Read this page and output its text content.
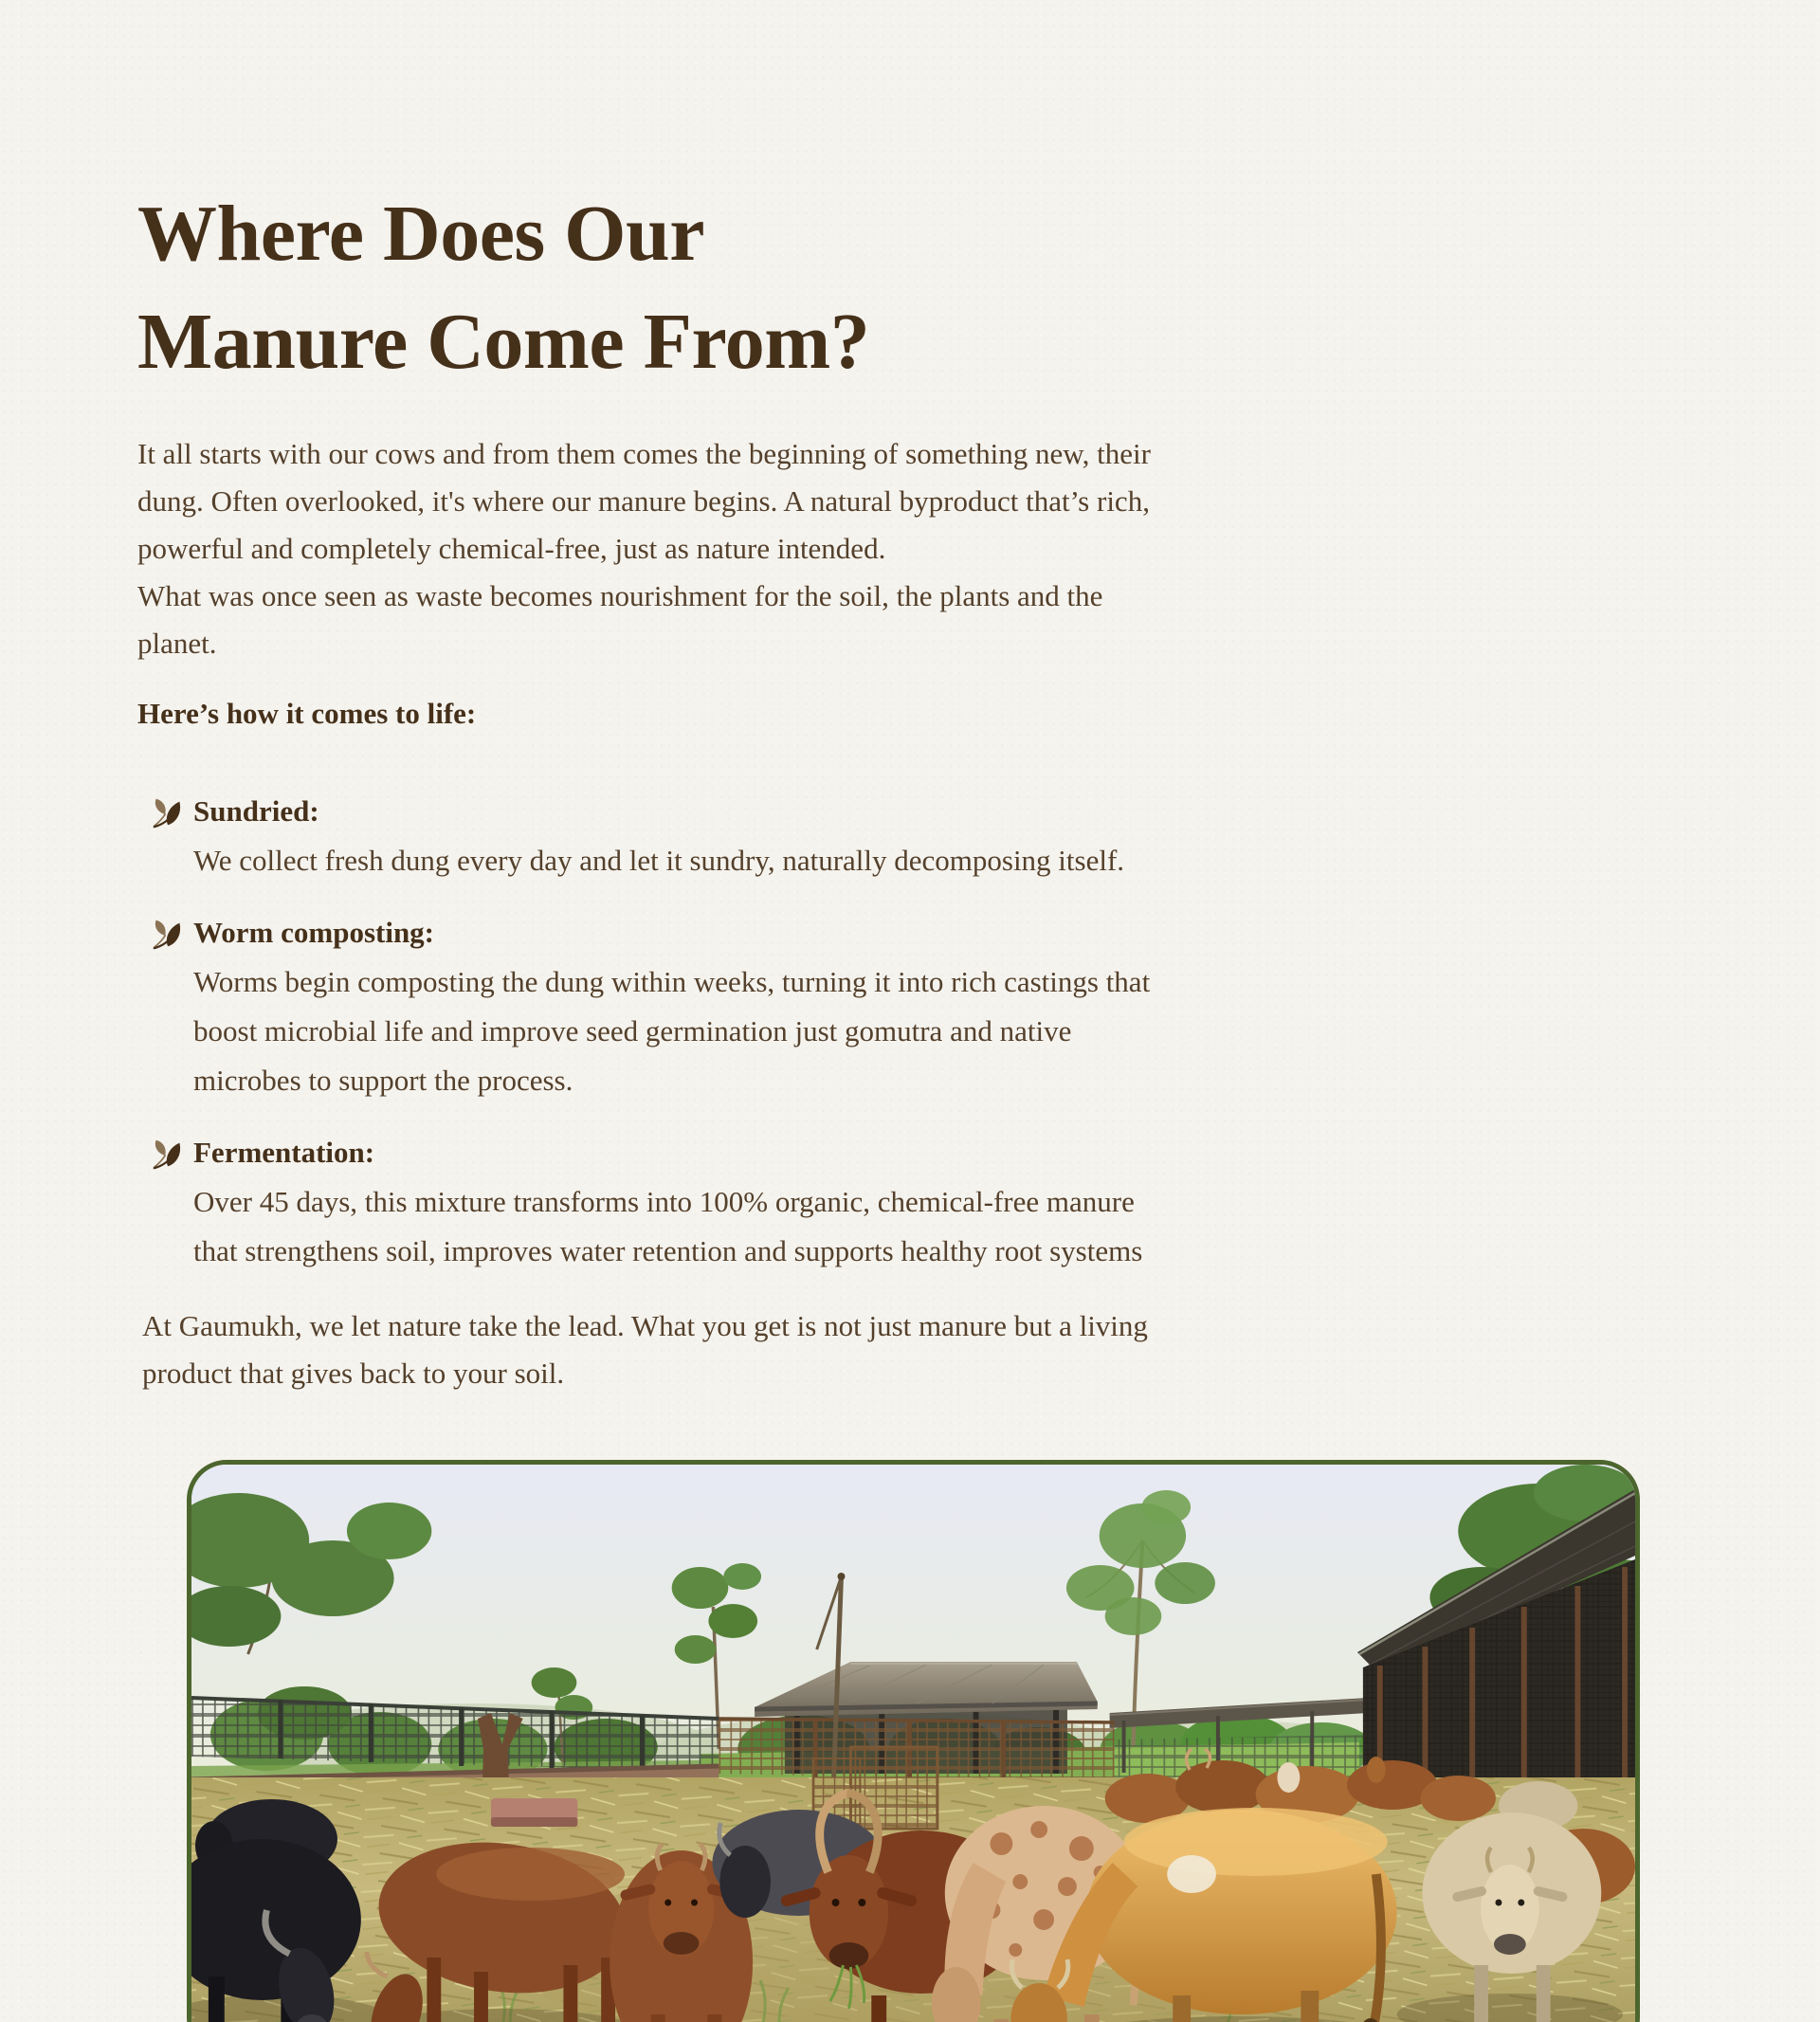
Where Does Our
Manure Come From?
It all starts with our cows and from them comes the beginning of something new, their
dung. Often overlooked, it's where our manure begins. A natural byproduct that’s rich,
powerful and completely chemical-free, just as nature intended.
What was once seen as waste becomes nourishment for the soil, the plants and the
planet.
Here’s how it comes to life:
Sundried:
We collect fresh dung every day and let it sundry, naturally decomposing itself.
Worm composting:
Worms begin composting the dung within weeks, turning it into rich castings that
boost microbial life and improve seed germination just gomutra and native
microbes to support the process.
Fermentation:
Over 45 days, this mixture transforms into 100% organic, chemical-free manure
that strengthens soil, improves water retention and supports healthy root systems
At Gaumukh, we let nature take the lead. What you get is not just manure but a living
product that gives back to your soil.
